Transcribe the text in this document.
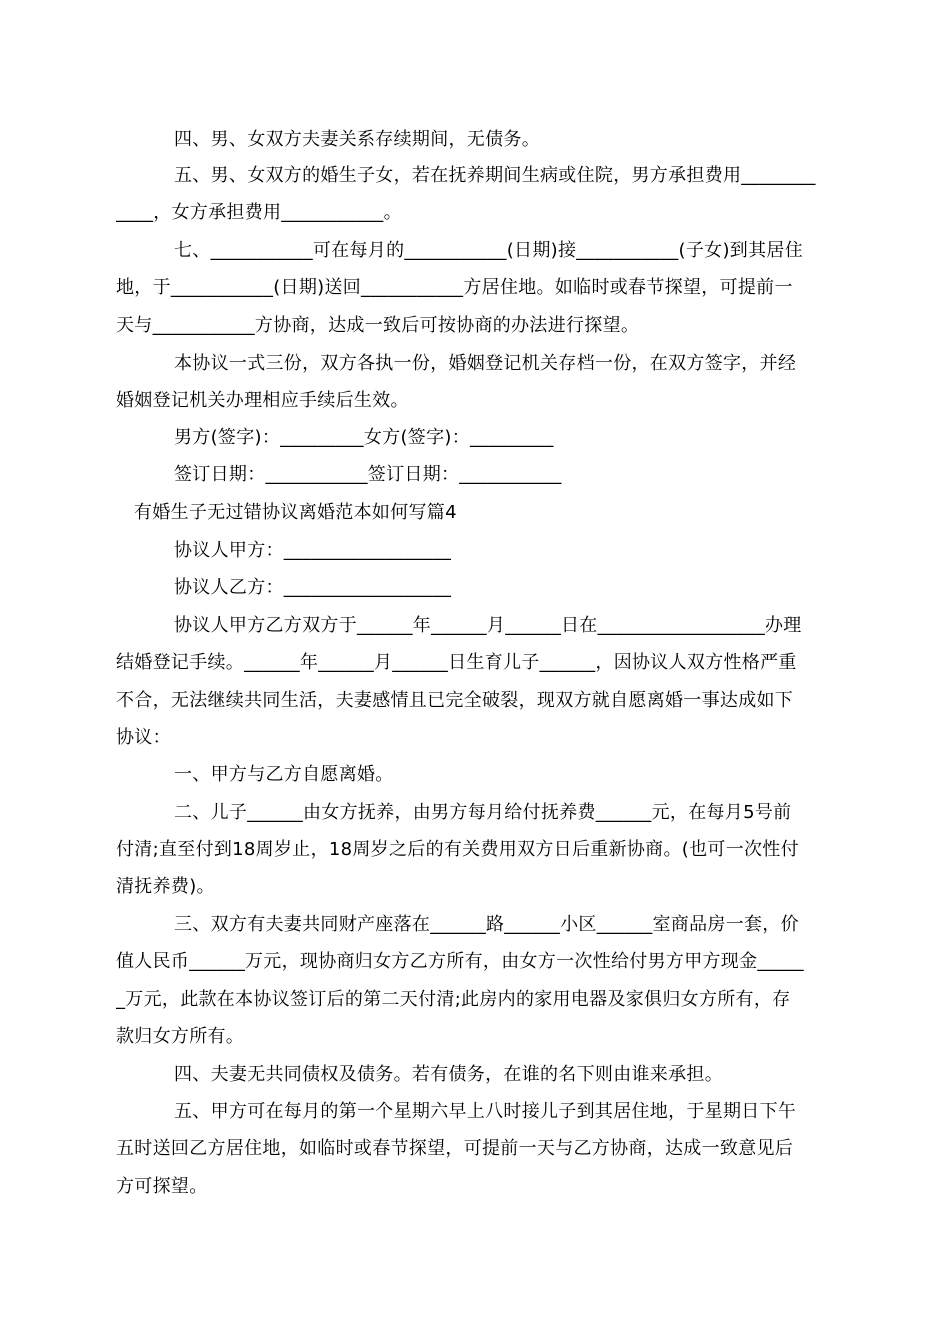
四、男、女双方夫妻关系存续期间，无债务。
五、男、女双方的婚生子女，若在抚养期间生病或住院，男方承担费用________
____，女方承担费用___________。
七、___________可在每月的___________(日期)接___________(子女)到其居住
地，于___________(日期)送回___________方居住地。如临时或春节探望，可提前一
天与___________方协商，达成一致后可按协商的办法进行探望。
本协议一式三份，双方各执一份，婚姻登记机关存档一份，在双方签字，并经
婚姻登记机关办理相应手续后生效。
男方(签字)：_________女方(签字)：_________
签订日期：___________签订日期：___________
有婚生子无过错协议离婚范本如何写篇4
协议人甲方：__________________
协议人乙方：__________________
协议人甲方乙方双方于______年______月______日在__________________办理
结婚登记手续。______年______月______日生育儿子______，因协议人双方性格严重
不合，无法继续共同生活，夫妻感情且已完全破裂，现双方就自愿离婚一事达成如下
协议：
一、甲方与乙方自愿离婚。
二、儿子______由女方抚养，由男方每月给付抚养费______元，在每月5号前
付清;直至付到18周岁止，18周岁之后的有关费用双方日后重新协商。(也可一次性付
清抚养费)。
三、双方有夫妻共同财产座落在______路______小区______室商品房一套，价
值人民币______万元，现协商归女方乙方所有，由女方一次性给付男方甲方现金_____
_万元，此款在本协议签订后的第二天付清;此房内的家用电器及家俱归女方所有，存
款归女方所有。
四、夫妻无共同债权及债务。若有债务，在谁的名下则由谁来承担。
五、甲方可在每月的第一个星期六早上八时接儿子到其居住地，于星期日下午
五时送回乙方居住地，如临时或春节探望，可提前一天与乙方协商，达成一致意见后
方可探望。
